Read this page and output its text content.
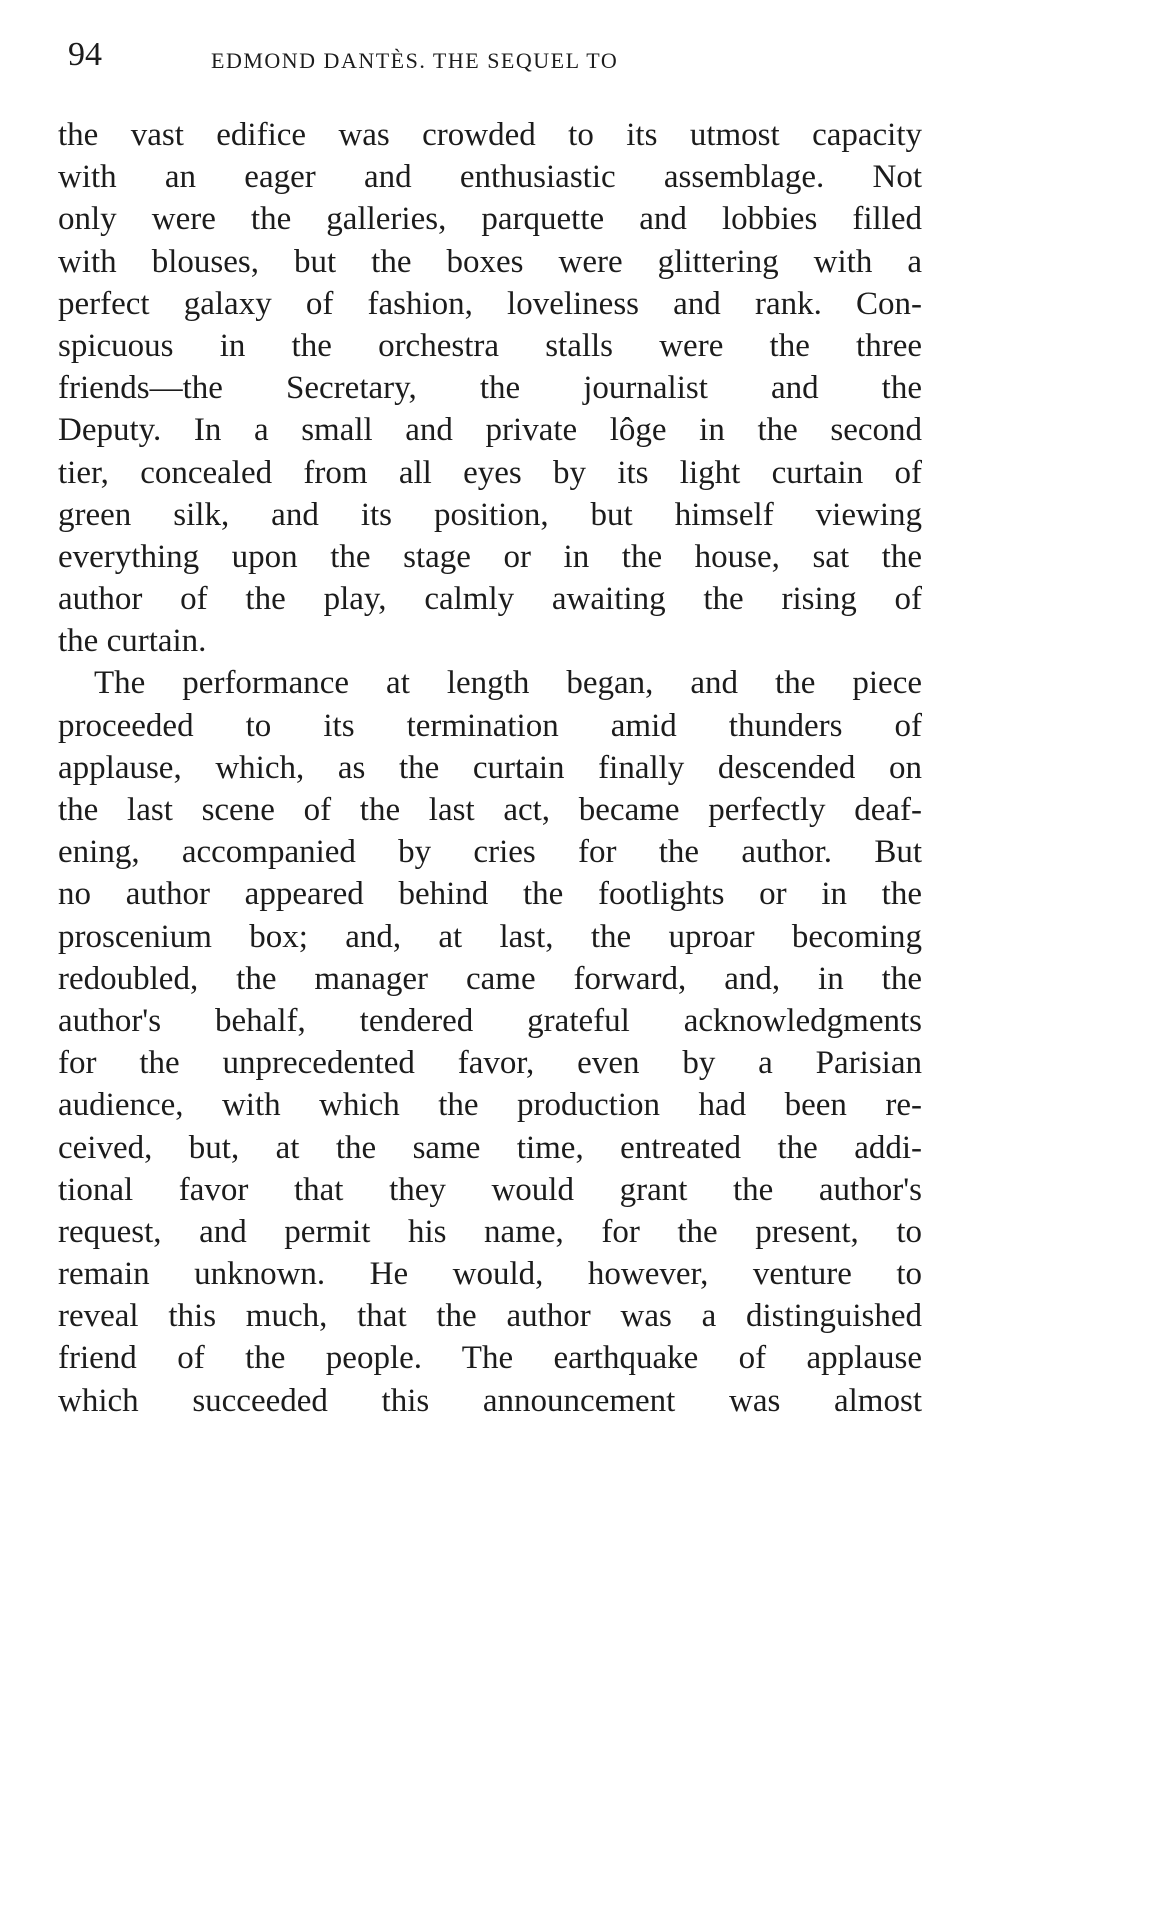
94	EDMOND DANTÈS. THE SEQUEL TO
the vast edifice was crowded to its utmost capacity
with an eager and enthusiastic assemblage. Not
only were the galleries, parquette and lobbies filled
with blouses, but the boxes were glittering with a
perfect galaxy of fashion, loveliness and rank. Con-
spicuous in the orchestra stalls were the three
friends—the Secretary, the journalist and the
Deputy. In a small and private lôge in the second
tier, concealed from all eyes by its light curtain of
green silk, and its position, but himself viewing
everything upon the stage or in the house, sat the
author of the play, calmly awaiting the rising of
the curtain.
The performance at length began, and the piece
proceeded to its termination amid thunders of
applause, which, as the curtain finally descended on
the last scene of the last act, became perfectly deaf-
ening, accompanied by cries for the author. But
no author appeared behind the footlights or in the
proscenium box; and, at last, the uproar becoming
redoubled, the manager came forward, and, in the
author's behalf, tendered grateful acknowledgments
for the unprecedented favor, even by a Parisian
audience, with which the production had been re-
ceived, but, at the same time, entreated the addi-
tional favor that they would grant the author's
request, and permit his name, for the present, to
remain unknown. He would, however, venture to
reveal this much, that the author was a distinguished
friend of the people. The earthquake of applause
which succeeded this announcement was almost
